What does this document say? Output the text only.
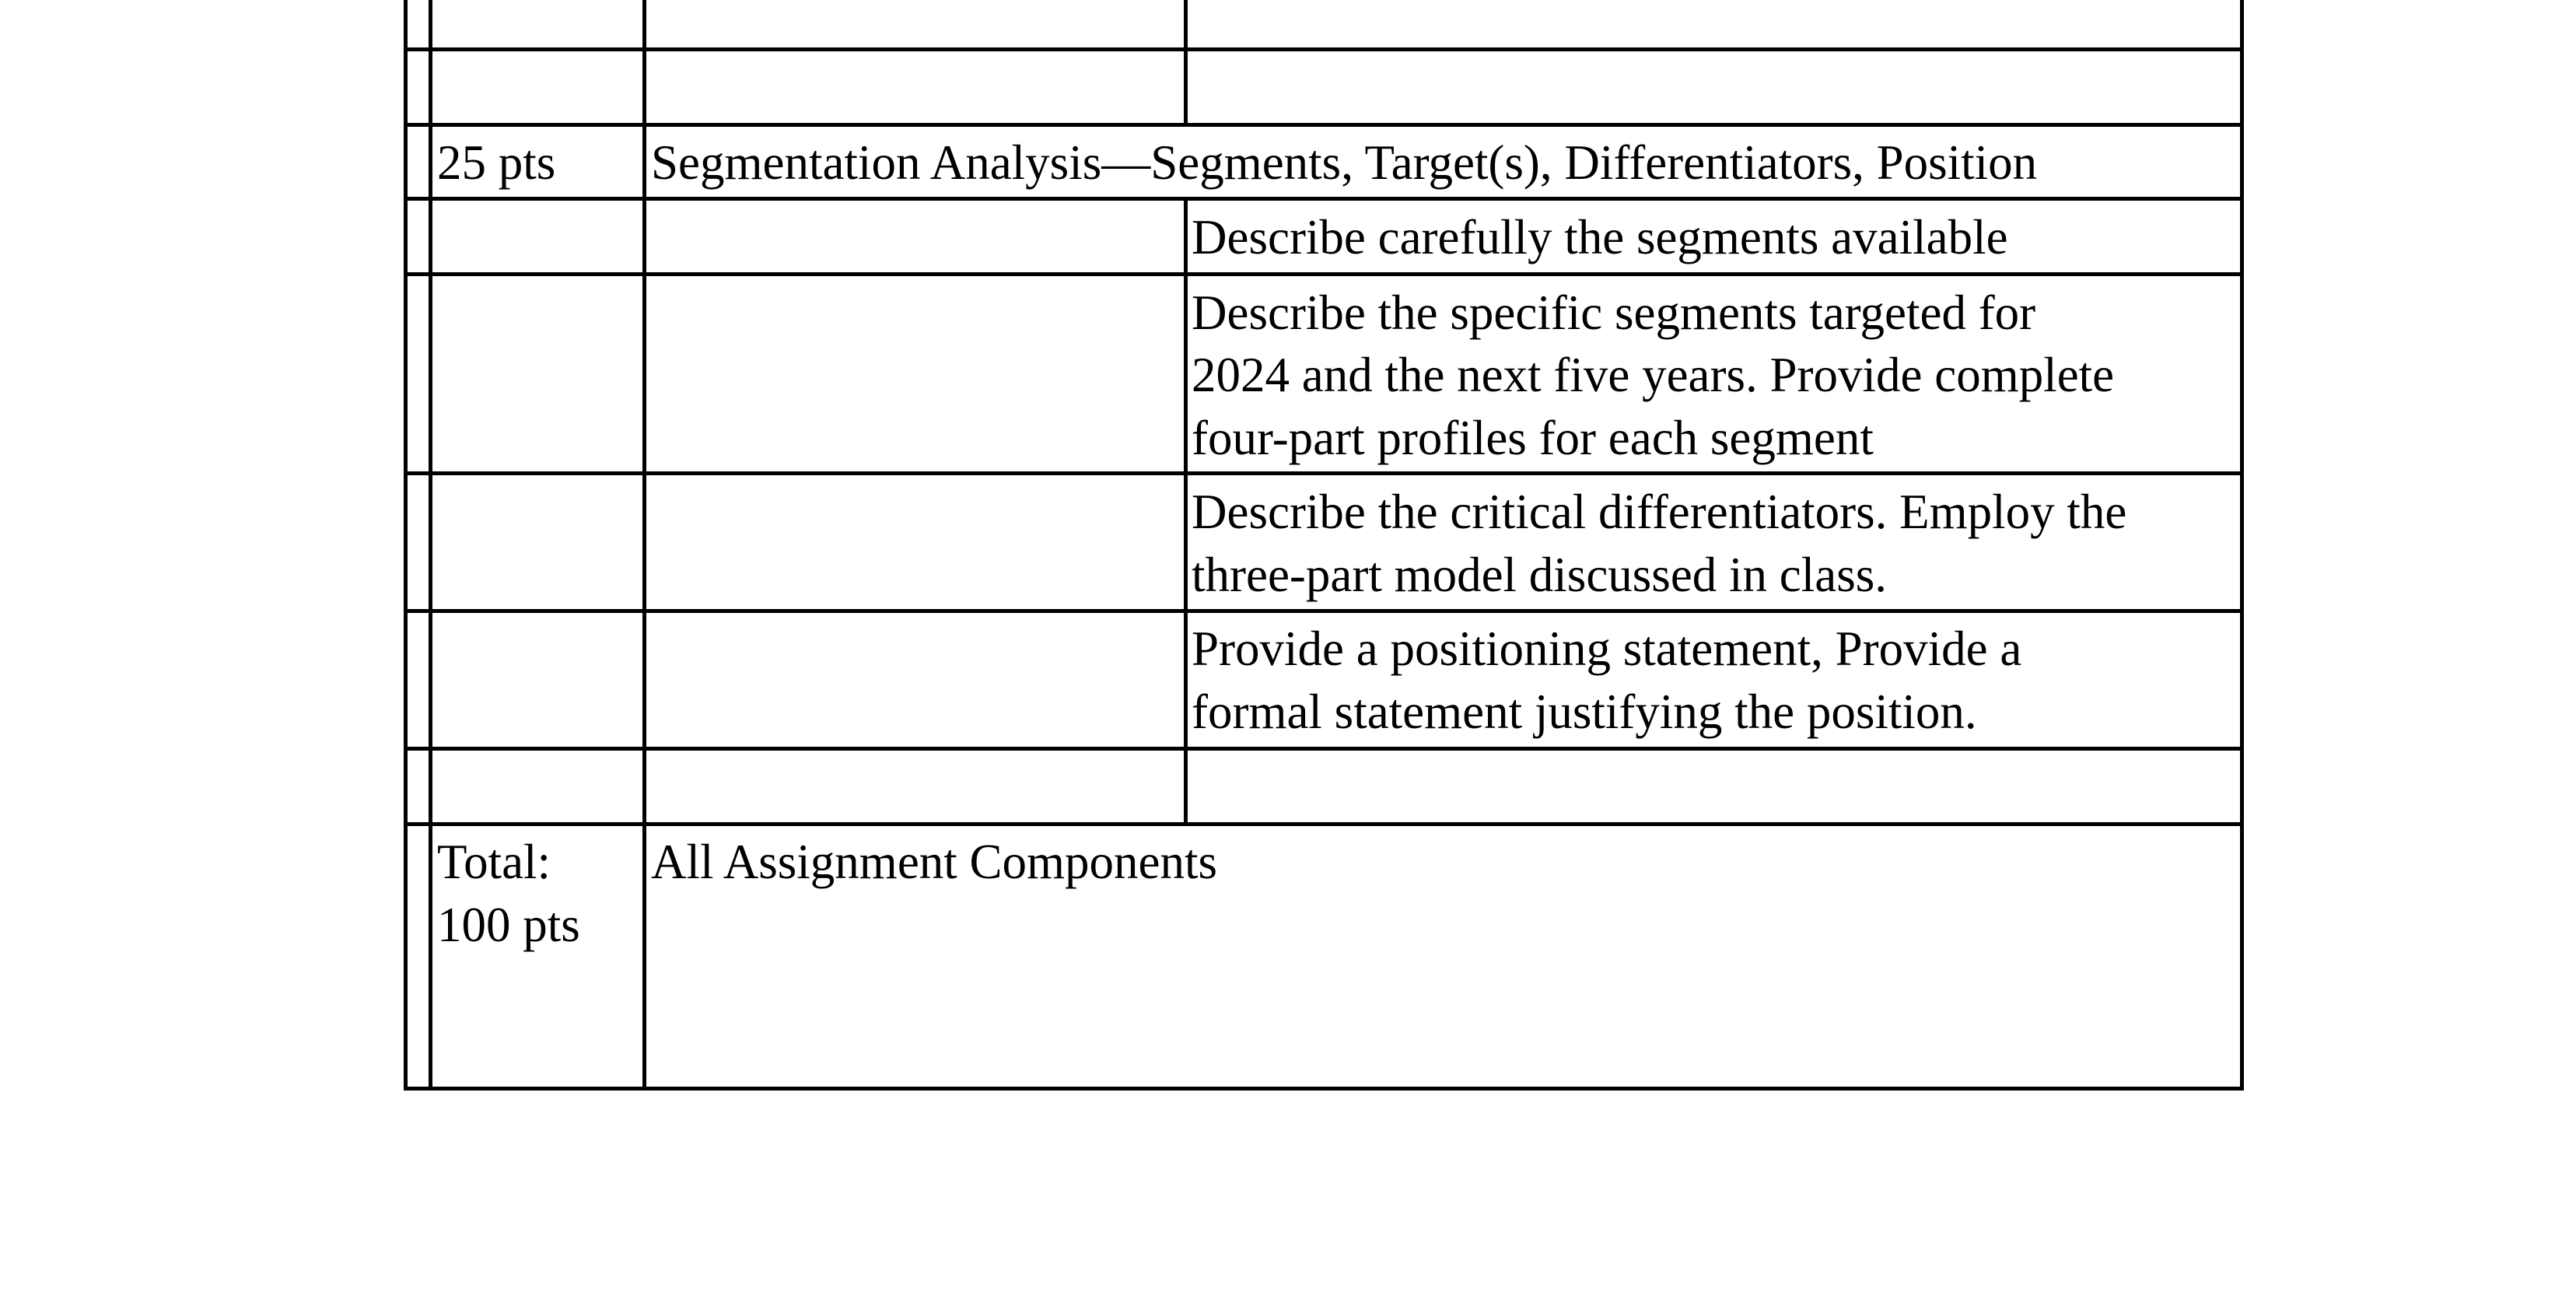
25 pts Segmentation Analysis—Segments, Target(s), Differentiators, Position
Describe carefully the segments available
Describe the specific segments targeted for
2024 and the next five years. Provide complete
four-part profiles for each segment
Describe the critical differentiators. Employ the
three-part model discussed in class.
Provide a positioning statement, Provide a
formal statement justifying the position.
Total:
100 pts
All Assignment Components
